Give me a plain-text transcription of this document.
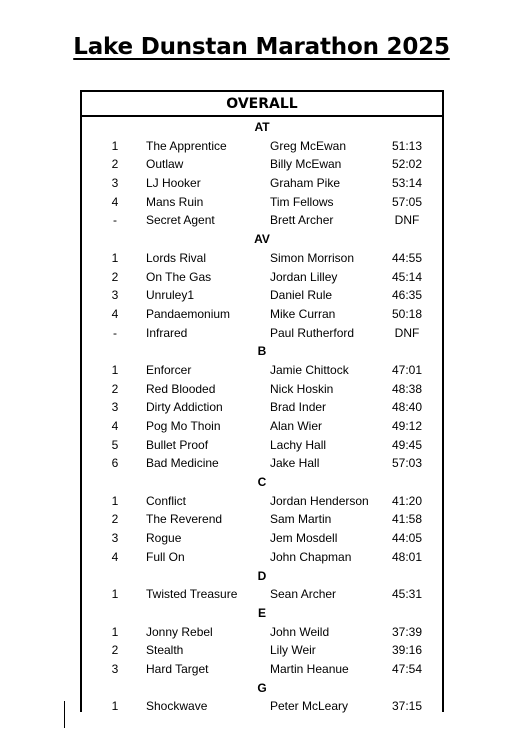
Lake Dunstan Marathon 2025
OVERALL
AT
1	The Apprentice	Greg McEwan	51:13
2	Outlaw	Billy McEwan	52:02
3	LJ Hooker	Graham Pike	53:14
4	Mans Ruin	Tim Fellows	57:05
-	Secret Agent	Brett Archer	DNF
AV
1	Lords Rival	Simon Morrison	44:55
2	On The Gas	Jordan Lilley	45:14
3	Unruley1	Daniel Rule	46:35
4	Pandaemonium	Mike Curran	50:18
-	Infrared	Paul Rutherford	DNF
B
1	Enforcer	Jamie Chittock	47:01
2	Red Blooded	Nick Hoskin	48:38
3	Dirty Addiction	Brad Inder	48:40
4	Pog Mo Thoin	Alan Wier	49:12
5	Bullet Proof	Lachy Hall	49:45
6	Bad Medicine	Jake Hall	57:03
C
1	Conflict	Jordan Henderson	41:20
2	The Reverend	Sam Martin	41:58
3	Rogue	Jem Mosdell	44:05
4	Full On	John Chapman	48:01
D
1	Twisted Treasure	Sean Archer	45:31
E
1	Jonny Rebel	John Weild	37:39
2	Stealth	Lily Weir	39:16
3	Hard Target	Martin Heanue	47:54
G
1	Shockwave	Peter McLeary	37:15
